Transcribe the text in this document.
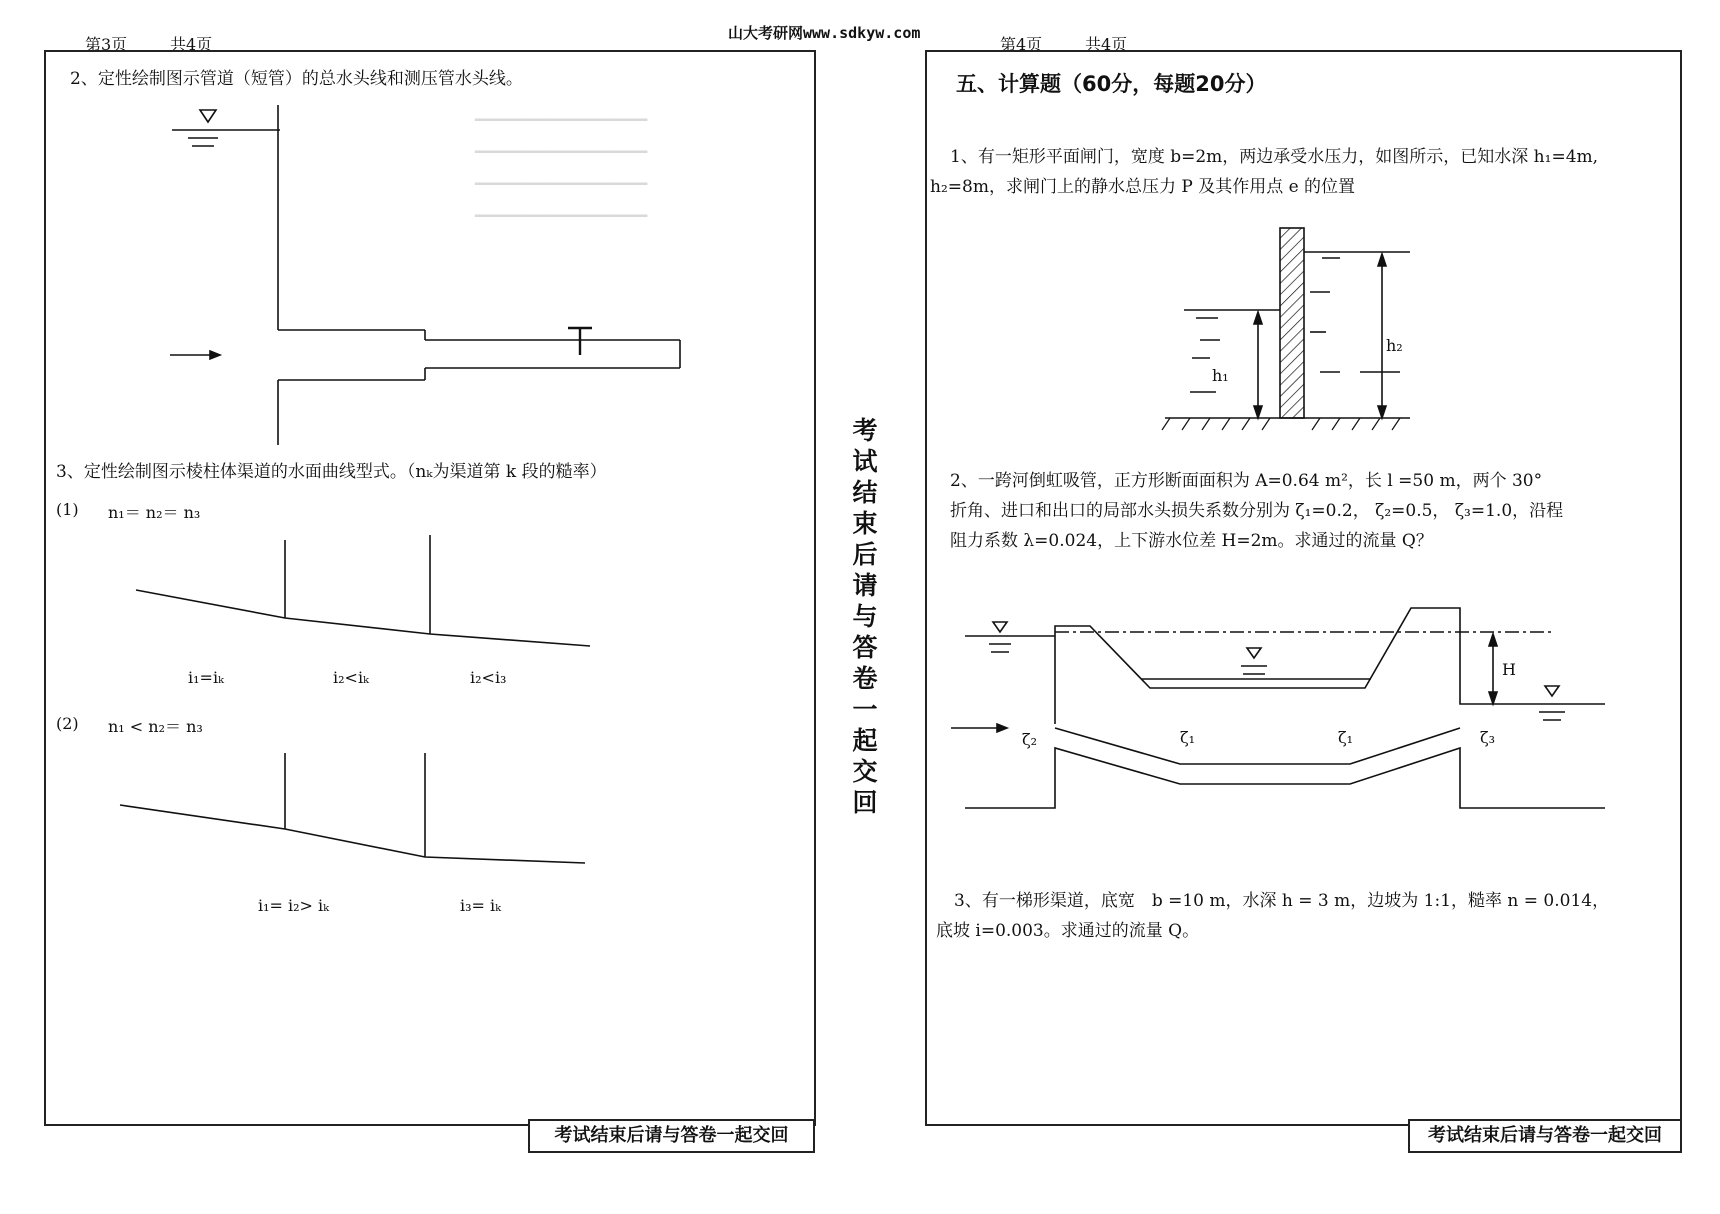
▁▁▁▁▁▁▁▁▁▁▁▁▁▁
▁▁▁▁▁▁▁▁▁▁▁▁▁▁
▁▁▁▁▁▁▁▁▁▁▁▁▁▁
▁▁▁▁▁▁▁▁▁▁▁▁▁▁
第3页	共4页
山大考研网www.sdkyw.com
2、定性绘制图示管道（短管）的总水头线和测压管水头线。
3、定性绘制图示棱柱体渠道的水面曲线型式。（nₖ为渠道第 k 段的糙率）
(1) n₁＝ n₂＝ n₃
i₁=iₖ	i₂<iₖ	i₂<i₃
(2) n₁ < n₂＝ n₃
i₁= i₂> iₖ	i₃= iₖ
考试结束后请与答卷一起交回
考试结束后请与答卷一起交回
第4页	共4页
五、计算题（60分，每题20分）
1、有一矩形平面闸门，宽度 b=2m，两边承受水压力，如图所示，已知水深 h₁=4m,
h₂=8m，求闸门上的静水总压力 P 及其作用点 e 的位置
h₁
h₂
2、一跨河倒虹吸管，正方形断面面积为 A=0.64 m²，长 l =50 m，两个 30°
折角、进口和出口的局部水头损失系数分别为 ζ₁=0.2， ζ₂=0.5， ζ₃=1.0，沿程
阻力系数 λ=0.024，上下游水位差 H=2m。求通过的流量 Q？
H
ζ₂	ζ₁	ζ₁	ζ₃
3、有一梯形渠道，底宽　b =10 m，水深 h = 3 m，边坡为 1:1，糙率 n = 0.014，
底坡 i=0.003。求通过的流量 Q。
考试结束后请与答卷一起交回
